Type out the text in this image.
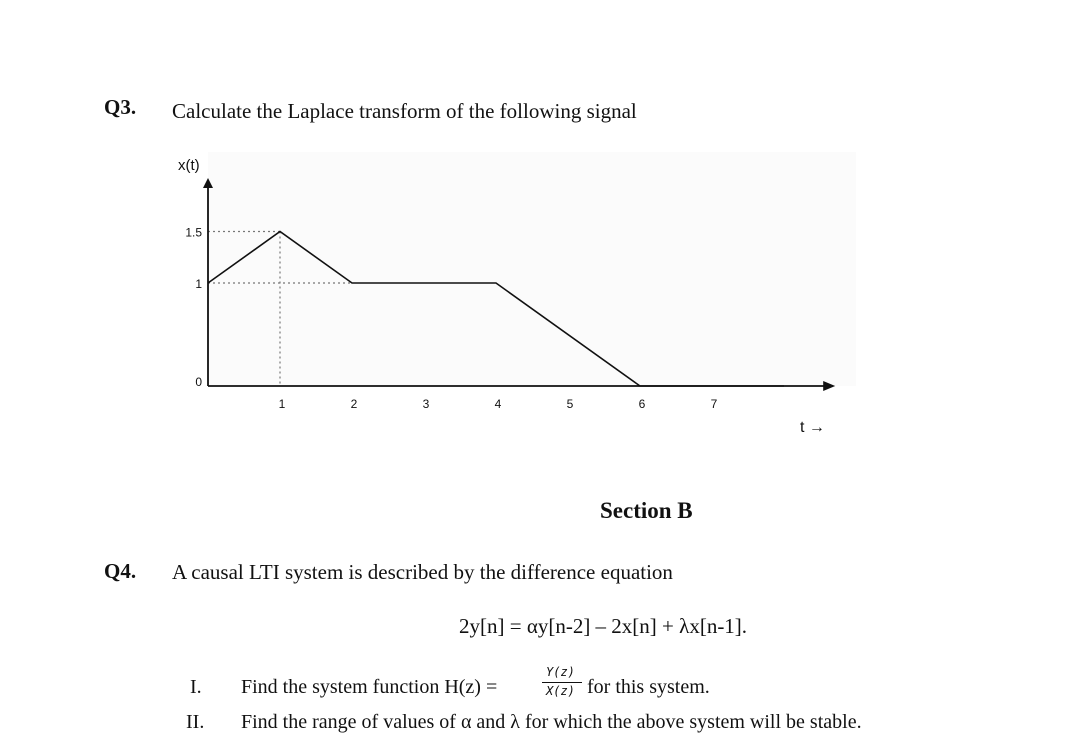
Q3. Calculate the Laplace transform of the following signal
x(t)
0
1
1.5
1	2	3	4	5	6	7
t →
Section B
Q4. A causal LTI system is described by the difference equation
2y[n] = αy[n-2] – 2x[n] + λx[n-1].
I. Find the system function H(z) =
Y(z)
X(z) for this system.
II. Find the range of values of α and λ for which the above system will be stable.
